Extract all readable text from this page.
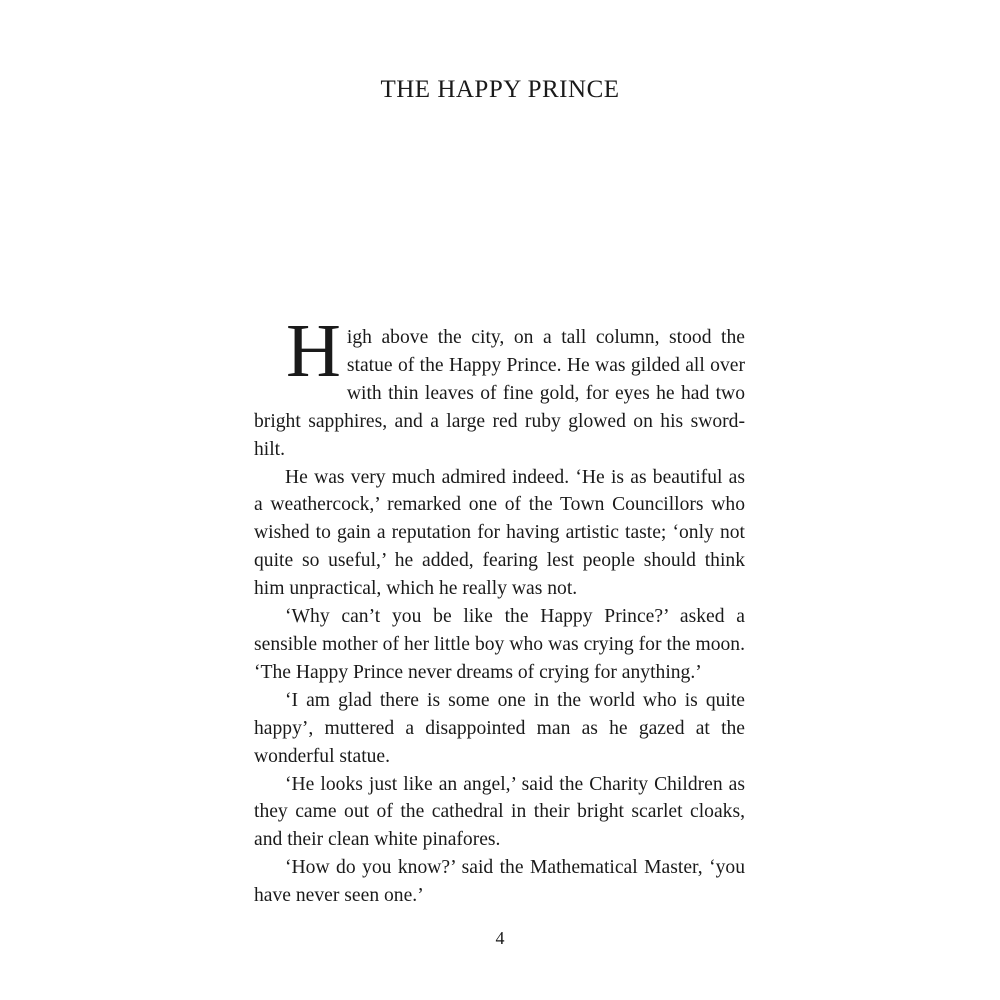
THE HAPPY PRINCE

High above the city, on a tall column, stood the statue of the Happy Prince. He was gilded all over with thin leaves of fine gold, for eyes he had two bright sapphires, and a large red ruby glowed on his sword-hilt.

He was very much admired indeed. ‘He is as beautiful as a weathercock,’ remarked one of the Town Councillors who wished to gain a reputation for having artistic taste; ‘only not quite so useful,’ he added, fearing lest people should think him unpractical, which he really was not.

‘Why can’t you be like the Happy Prince?’ asked a sensible mother of her little boy who was crying for the moon. ‘The Happy Prince never dreams of crying for anything.’

‘I am glad there is some one in the world who is quite happy’, muttered a disappointed man as he gazed at the wonderful statue.

‘He looks just like an angel,’ said the Charity Children as they came out of the cathedral in their bright scarlet cloaks, and their clean white pinafores.

‘How do you know?’ said the Mathematical Master, ‘you have never seen one.’

4
